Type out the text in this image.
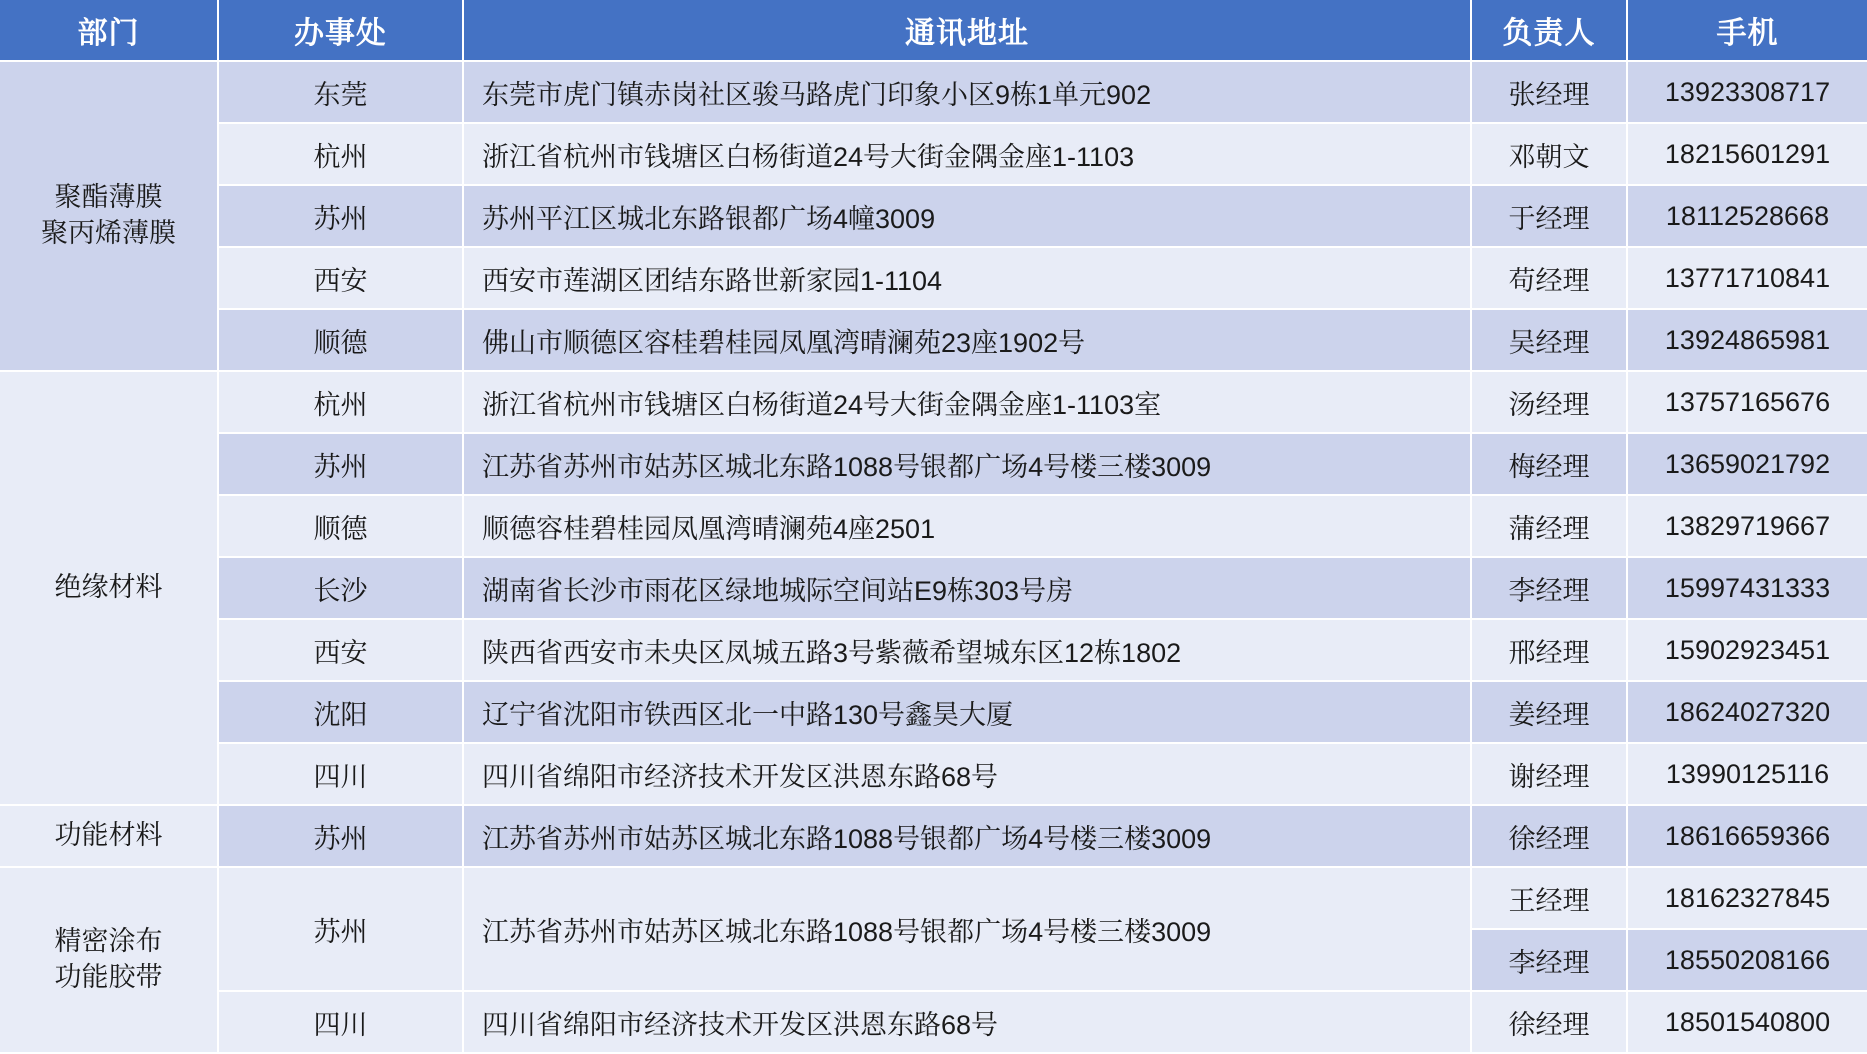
部门	办事处	通讯地址	负责人	手机
聚酯薄膜
聚丙烯薄膜	东莞	东莞市虎门镇赤岗社区骏马路虎门印象小区9栋1单元902	张经理	13923308717
	杭州	浙江省杭州市钱塘区白杨街道24号大街金隅金座1-1103	邓朝文	18215601291
	苏州	苏州平江区城北东路银都广场4幢3009	于经理	18112528668
	西安	西安市莲湖区团结东路世新家园1-1104	苟经理	13771710841
	顺德	佛山市顺德区容桂碧桂园凤凰湾晴澜苑23座1902号	吴经理	13924865981
绝缘材料	杭州	浙江省杭州市钱塘区白杨街道24号大街金隅金座1-1103室	汤经理	13757165676
	苏州	江苏省苏州市姑苏区城北东路1088号银都广场4号楼三楼3009	梅经理	13659021792
	顺德	顺德容桂碧桂园凤凰湾晴澜苑4座2501	蒲经理	13829719667
	长沙	湖南省长沙市雨花区绿地城际空间站E9栋303号房	李经理	15997431333
	西安	陕西省西安市未央区凤城五路3号紫薇希望城东区12栋1802	邢经理	15902923451
	沈阳	辽宁省沈阳市铁西区北一中路130号鑫昊大厦	姜经理	18624027320
	四川	四川省绵阳市经济技术开发区洪恩东路68号	谢经理	13990125116
功能材料	苏州	江苏省苏州市姑苏区城北东路1088号银都广场4号楼三楼3009	徐经理	18616659366
精密涂布
功能胶带	苏州	江苏省苏州市姑苏区城北东路1088号银都广场4号楼三楼3009	王经理	18162327845
			李经理	18550208166
	四川	四川省绵阳市经济技术开发区洪恩东路68号	徐经理	18501540800
